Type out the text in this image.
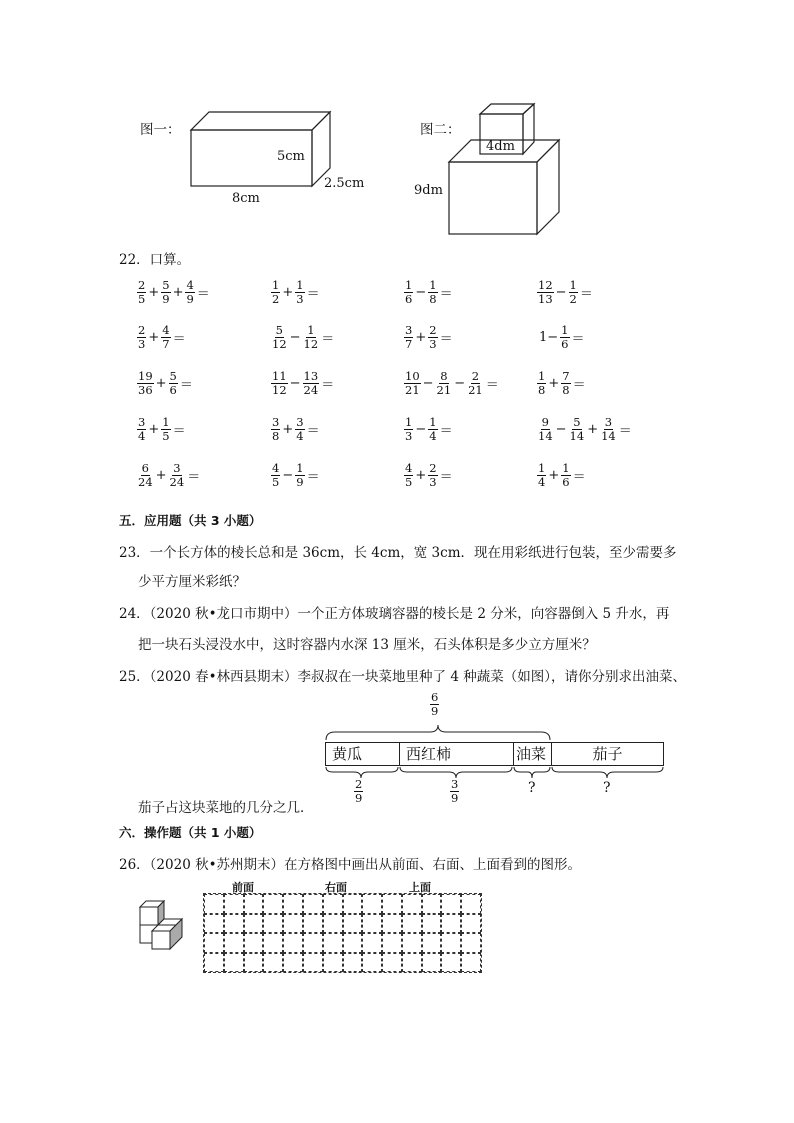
图一：
5cm
2.5cm
8cm
图二：
4dm
9dm
22．口算。
$\frac{2}{5} + \frac{5}{9} + \frac{4}{9}$ ＝	$\frac{1}{2} + \frac{1}{3}$ ＝	$\frac{1}{6} - \frac{1}{8}$ ＝	$\frac{12}{13} - \frac{1}{2}$ ＝
$\frac{2}{3} + \frac{4}{7}$ ＝	$\frac{5}{12} - \frac{1}{12}$ ＝	$\frac{3}{7} + \frac{2}{3}$ ＝	$1- \frac{1}{6}$ ＝
$\frac{19}{36} + \frac{5}{6}$ ＝	$\frac{11}{12} - \frac{13}{24}$ ＝	$\frac{10}{21} - \frac{8}{21} - \frac{2}{21}$ ＝	$\frac{1}{8} + \frac{7}{8}$ ＝
$\frac{3}{4} + \frac{1}{5}$ ＝	$\frac{3}{8} + \frac{3}{4}$ ＝	$\frac{1}{3} - \frac{1}{4}$ ＝	$\frac{9}{14} - \frac{5}{14} + \frac{3}{14}$ ＝
$\frac{6}{24} + \frac{3}{24}$ ＝	$\frac{4}{5} - \frac{1}{9}$ ＝	$\frac{4}{5} + \frac{2}{3}$ ＝	$\frac{1}{4} + \frac{1}{6}$ ＝
五．应用题（共 3 小题）
23．一个长方体的棱长总和是 36cm，长 4cm，宽 3cm．现在用彩纸进行包装，至少需要多
少平方厘米彩纸？
24．（2020 秋•龙口市期中）一个正方体玻璃容器的棱长是 2 分米，向容器倒入 5 升水，再
把一块石头浸没水中，这时容器内水深 13 厘米，石头体积是多少立方厘米？
25．（2020 春•林西县期末）李叔叔在一块菜地里种了 4 种蔬菜（如图），请你分别求出油菜、
$\frac{6}{9}$
黄瓜	西红柿	油菜	茄子
$\frac{2}{9}$	$\frac{3}{9}$	?	?
茄子占这块菜地的几分之几．
六．操作题（共 1 小题）
26．（2020 秋•苏州期末）在方格图中画出从前面、右面、上面看到的图形。
前面	右面	上面
